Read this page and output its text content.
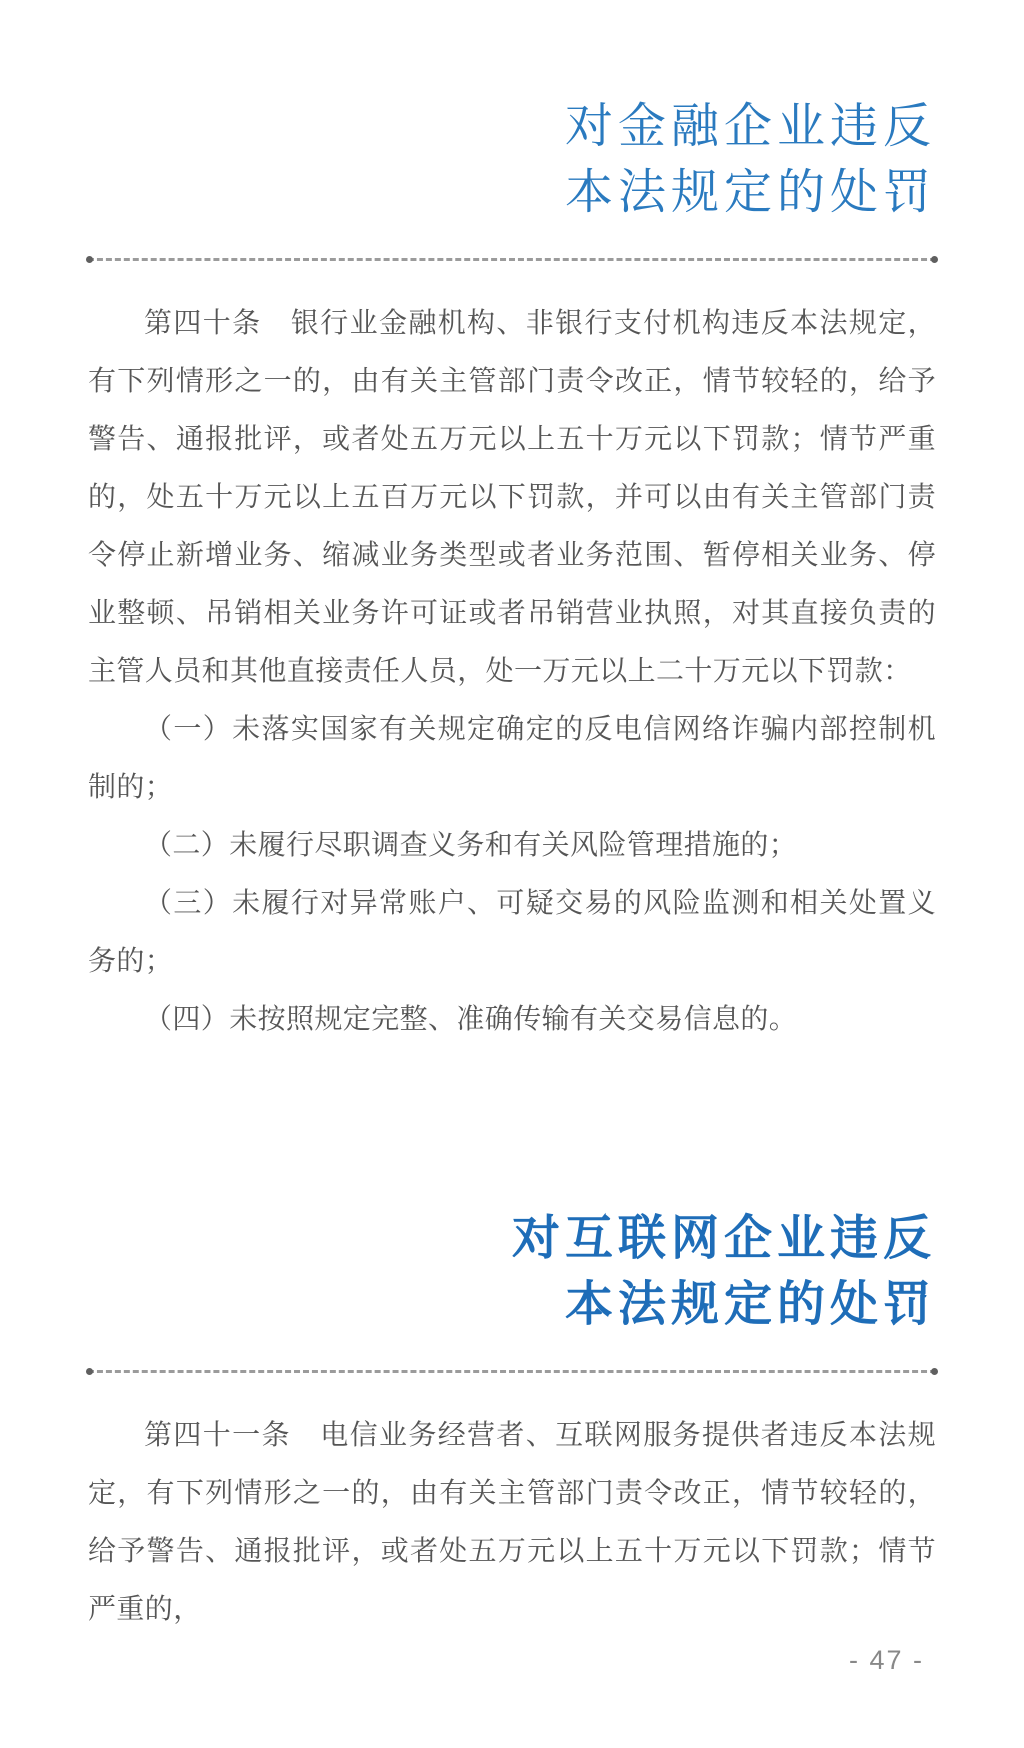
对金融企业违反
本法规定的处罚

第四十条　银行业金融机构、非银行支付机构违反本法规定，有下列情形之一的，由有关主管部门责令改正，情节较轻的，给予警告、通报批评，或者处五万元以上五十万元以下罚款；情节严重的，处五十万元以上五百万元以下罚款，并可以由有关主管部门责令停止新增业务、缩减业务类型或者业务范围、暂停相关业务、停业整顿、吊销相关业务许可证或者吊销营业执照，对其直接负责的主管人员和其他直接责任人员，处一万元以上二十万元以下罚款：

（一）未落实国家有关规定确定的反电信网络诈骗内部控制机制的；

（二）未履行尽职调查义务和有关风险管理措施的；

（三）未履行对异常账户、可疑交易的风险监测和相关处置义务的；

（四）未按照规定完整、准确传输有关交易信息的。

对互联网企业违反
本法规定的处罚

第四十一条　电信业务经营者、互联网服务提供者违反本法规定，有下列情形之一的，由有关主管部门责令改正，情节较轻的，给予警告、通报批评，或者处五万元以上五十万元以下罚款；情节严重的，

- 47 -
